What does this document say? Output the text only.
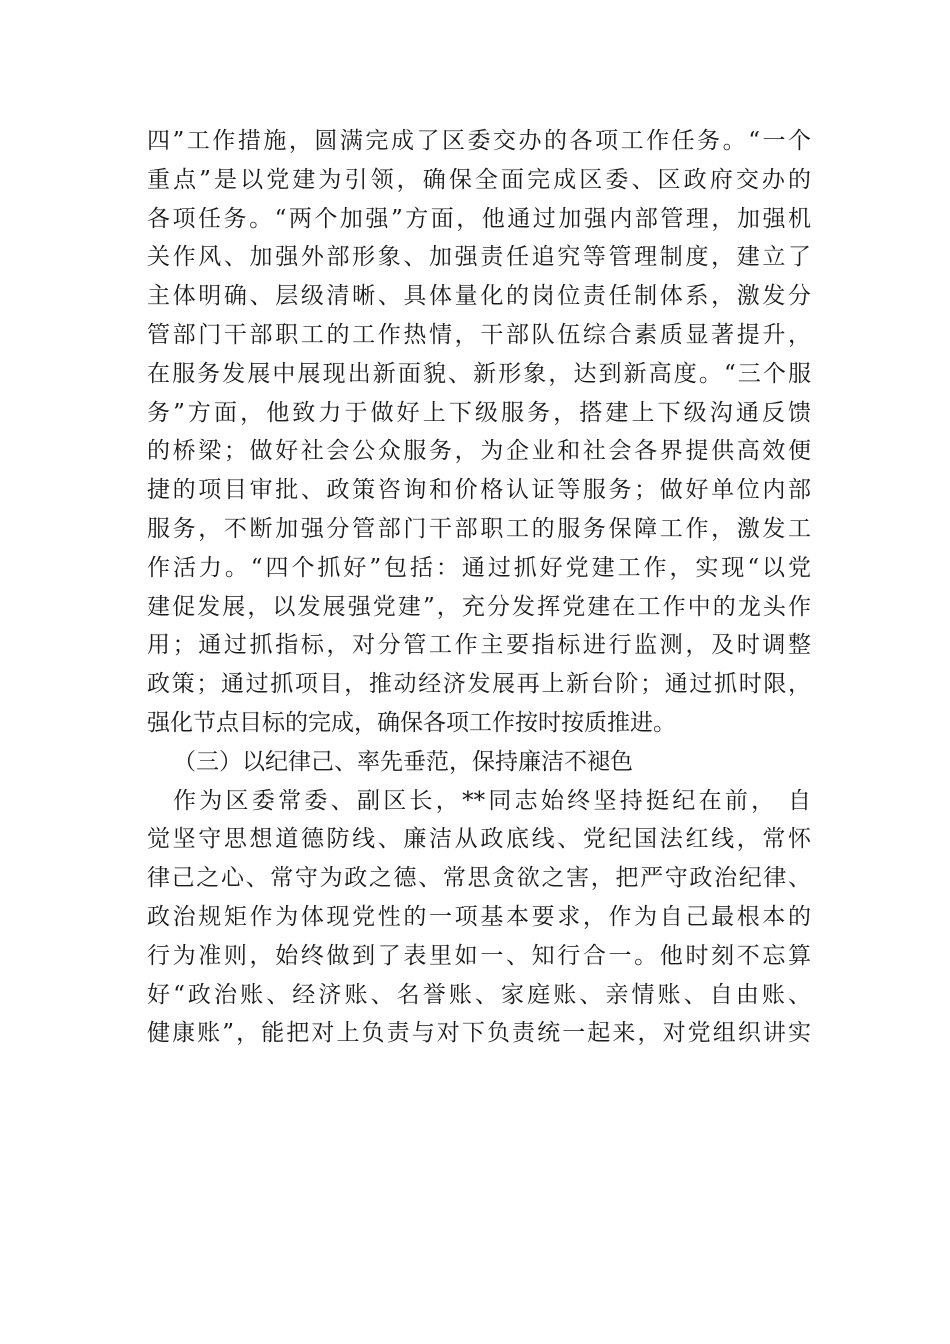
四”工作措施，圆满完成了区委交办的各项工作任务。“一个
重点”是以党建为引领，确保全面完成区委、区政府交办的
各项任务。“两个加强”方面，他通过加强内部管理，加强机
关作风、加强外部形象、加强责任追究等管理制度，建立了
主体明确、层级清晰、具体量化的岗位责任制体系，激发分
管部门干部职工的工作热情，干部队伍综合素质显著提升，
在服务发展中展现出新面貌、新形象，达到新高度。“三个服
务”方面，他致力于做好上下级服务，搭建上下级沟通反馈
的桥梁；做好社会公众服务，为企业和社会各界提供高效便
捷的项目审批、政策咨询和价格认证等服务；做好单位内部
服务，不断加强分管部门干部职工的服务保障工作，激发工
作活力。“四个抓好”包括：通过抓好党建工作，实现“以党
建促发展，以发展强党建”，充分发挥党建在工作中的龙头作
用；通过抓指标，对分管工作主要指标进行监测，及时调整
政策；通过抓项目，推动经济发展再上新台阶；通过抓时限，
强化节点目标的完成，确保各项工作按时按质推进。
（三）以纪律己、率先垂范，保持廉洁不褪色
作为区委常委、副区长，**同志始终坚持挺纪在前， 自
觉坚守思想道德防线、廉洁从政底线、党纪国法红线，常怀
律己之心、常守为政之德、常思贪欲之害，把严守政治纪律、
政治规矩作为体现党性的一项基本要求，作为自己最根本的
行为准则，始终做到了表里如一、知行合一。他时刻不忘算
好“政治账、经济账、名誉账、家庭账、亲情账、自由账、
健康账”，能把对上负责与对下负责统一起来，对党组织讲实
